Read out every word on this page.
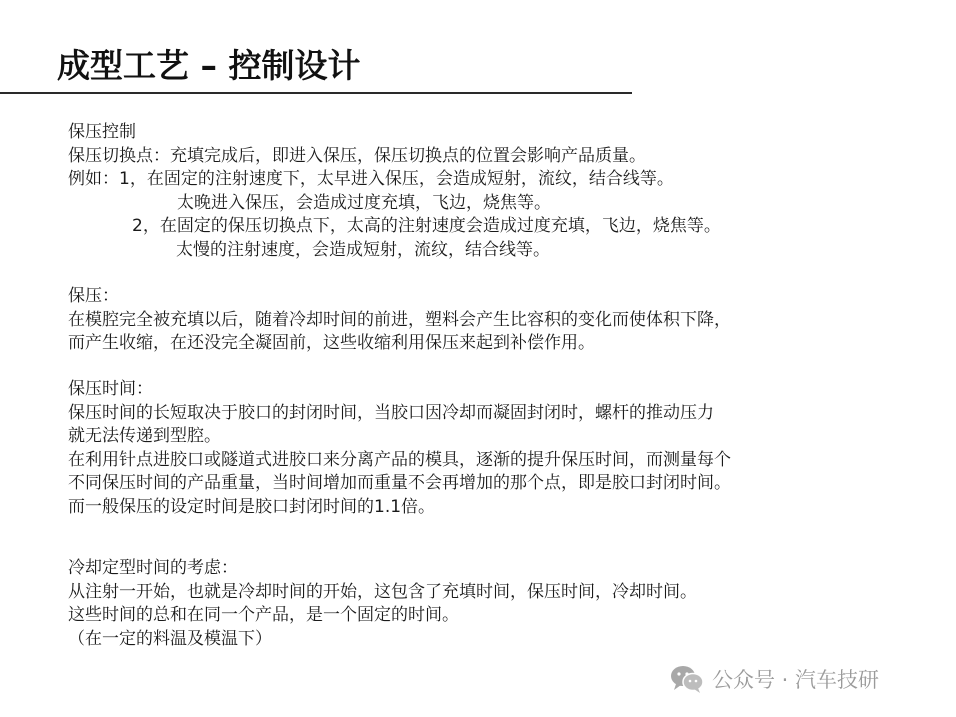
成型工艺 – 控制设计
保压控制
保压切换点：充填完成后，即进入保压，保压切换点的位置会影响产品质量。
例如：1，在固定的注射速度下，太早进入保压，会造成短射，流纹，结合线等。
太晚进入保压，会造成过度充填，飞边，烧焦等。
2，在固定的保压切换点下，太高的注射速度会造成过度充填，飞边，烧焦等。
太慢的注射速度，会造成短射，流纹，结合线等。
保压：
在模腔完全被充填以后，随着冷却时间的前进，塑料会产生比容积的变化而使体积下降，
而产生收缩，在还没完全凝固前，这些收缩利用保压来起到补偿作用。
保压时间：
保压时间的长短取决于胶口的封闭时间，当胶口因冷却而凝固封闭时，螺杆的推动压力
就无法传递到型腔。
在利用针点进胶口或隧道式进胶口来分离产品的模具，逐渐的提升保压时间，而测量每个
不同保压时间的产品重量，当时间增加而重量不会再增加的那个点，即是胶口封闭时间。
而一般保压的设定时间是胶口封闭时间的1.1倍。
冷却定型时间的考虑：
从注射一开始，也就是冷却时间的开始，这包含了充填时间，保压时间，冷却时间。
这些时间的总和在同一个产品，是一个固定的时间。
（在一定的料温及模温下）
公众号 · 汽车技研
